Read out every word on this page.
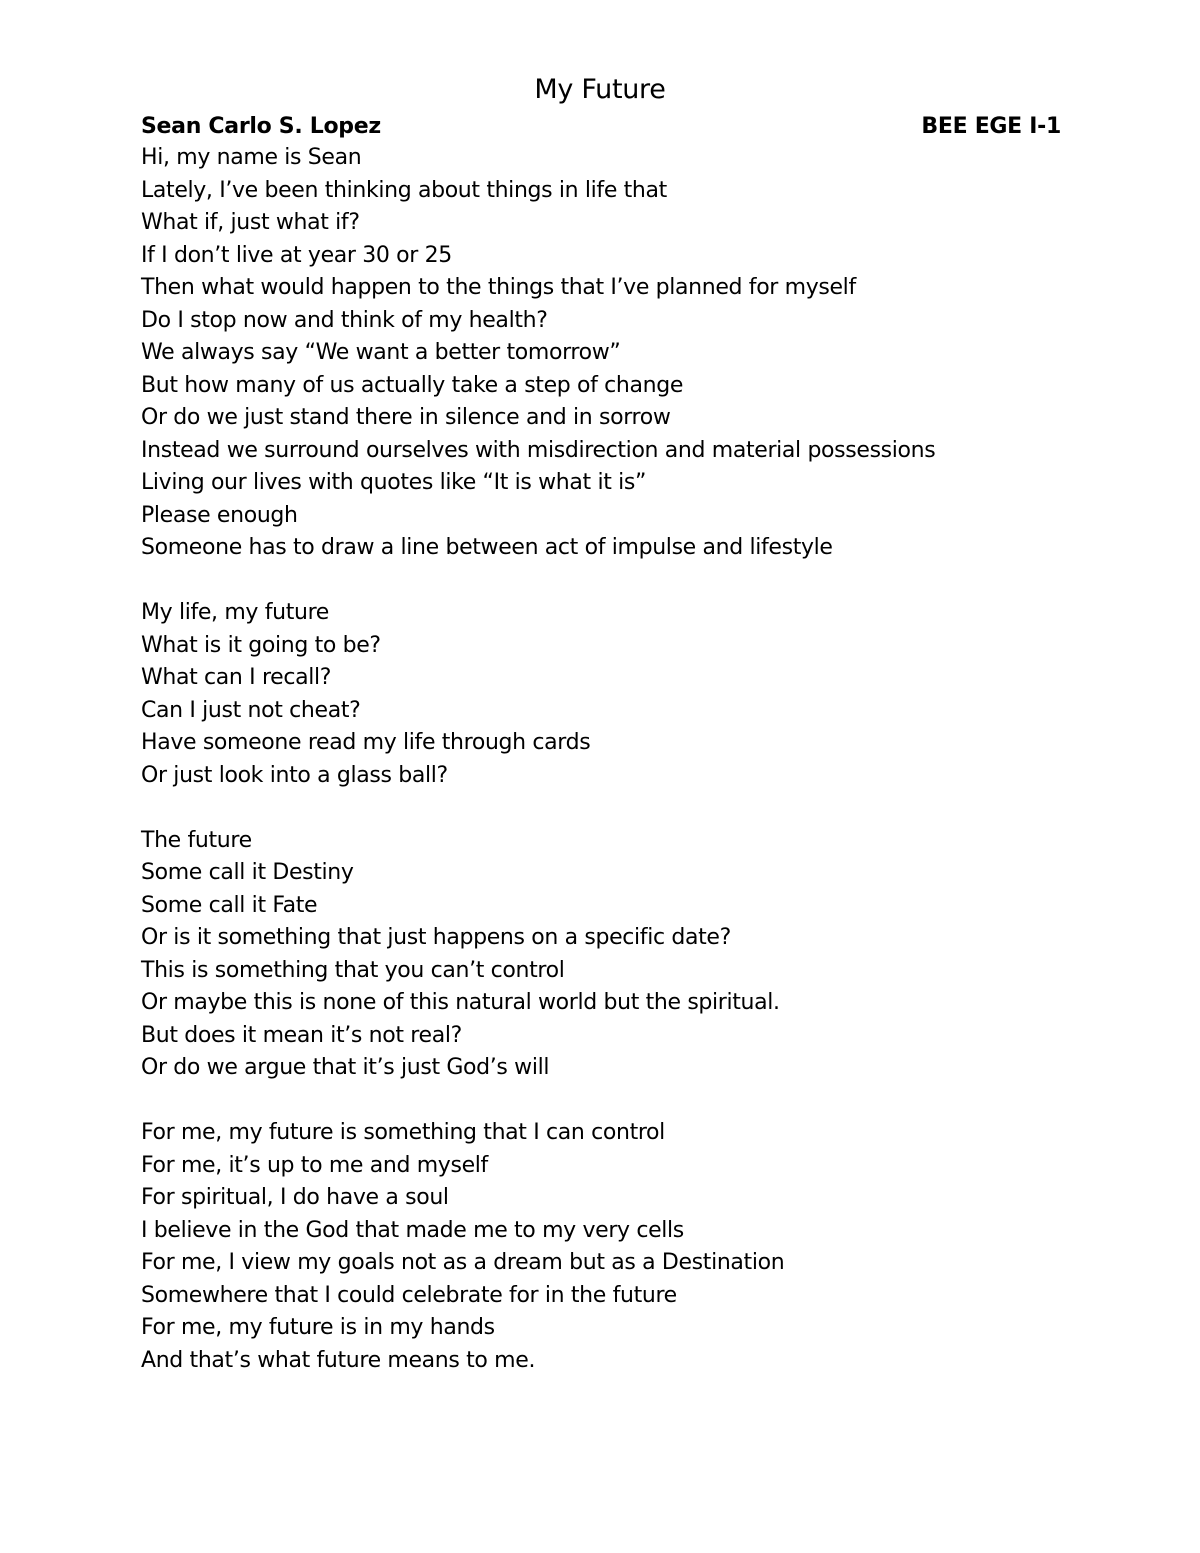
My Future
Sean Carlo S. Lopez	BEE EGE I-1
Hi, my name is Sean
Lately, I’ve been thinking about things in life that
What if, just what if?
If I don’t live at year 30 or 25
Then what would happen to the things that I’ve planned for myself
Do I stop now and think of my health?
We always say “We want a better tomorrow”
But how many of us actually take a step of change
Or do we just stand there in silence and in sorrow
Instead we surround ourselves with misdirection and material possessions
Living our lives with quotes like “It is what it is”
Please enough
Someone has to draw a line between act of impulse and lifestyle
My life, my future
What is it going to be?
What can I recall?
Can I just not cheat?
Have someone read my life through cards
Or just look into a glass ball?
The future
Some call it Destiny
Some call it Fate
Or is it something that just happens on a specific date?
This is something that you can’t control
Or maybe this is none of this natural world but the spiritual.
But does it mean it’s not real?
Or do we argue that it’s just God’s will
For me, my future is something that I can control
For me, it’s up to me and myself
For spiritual, I do have a soul
I believe in the God that made me to my very cells
For me, I view my goals not as a dream but as a Destination
Somewhere that I could celebrate for in the future
For me, my future is in my hands
And that’s what future means to me.
